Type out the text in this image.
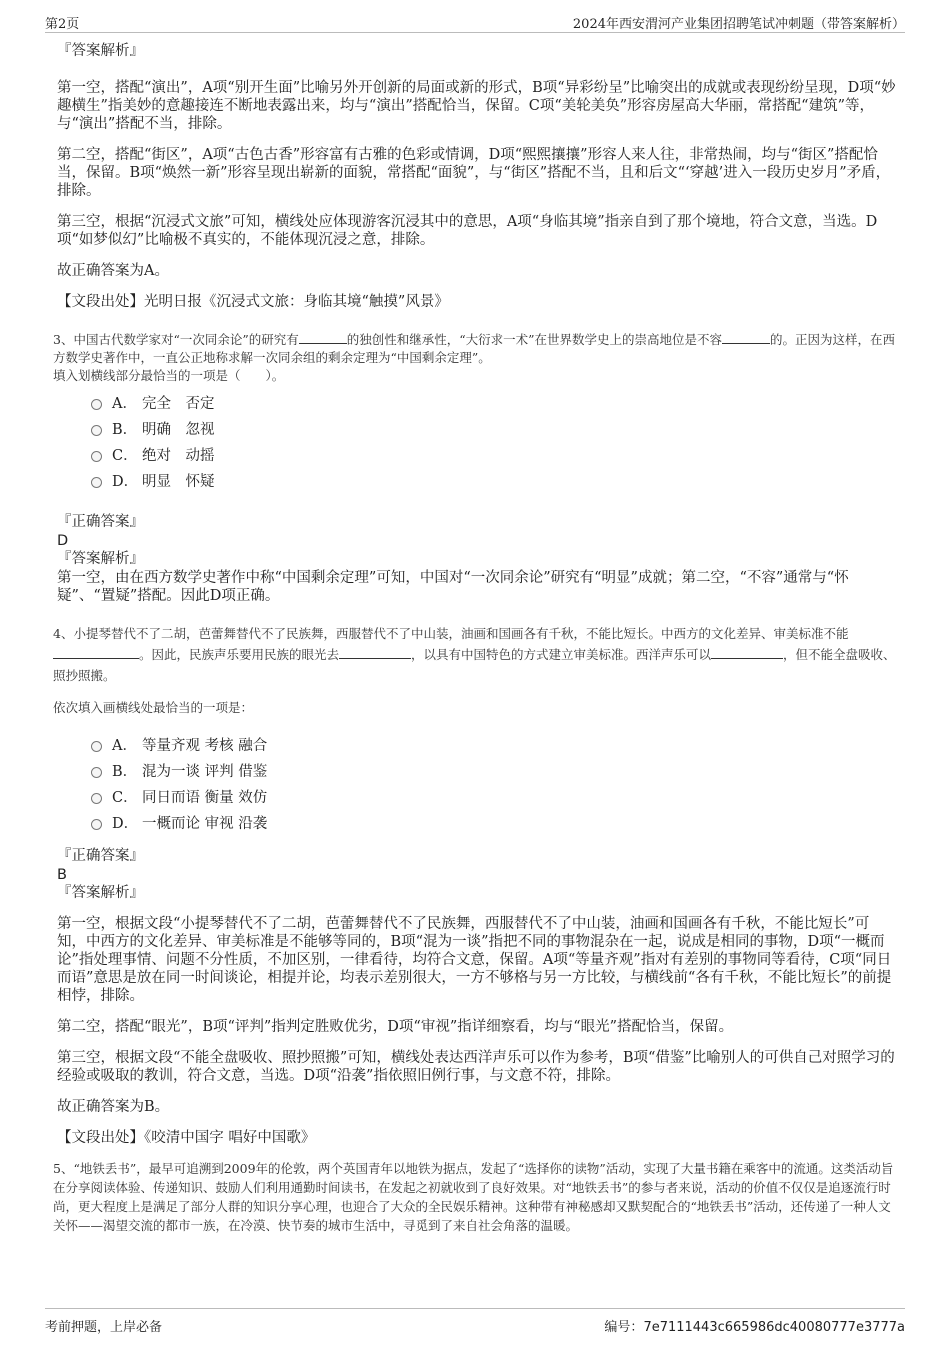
第2页	2024年西安渭河产业集团招聘笔试冲刺题（带答案解析）

『答案解析』

第一空，搭配“演出”，A项“别开生面”比喻另外开创新的局面或新的形式，B项“异彩纷呈”比喻突出的成就或表现纷纷呈现，D项“妙趣横生”指美妙的意趣接连不断地表露出来，均与“演出”搭配恰当，保留。C项“美轮美奂”形容房屋高大华丽，常搭配“建筑”等，与“演出”搭配不当，排除。

第二空，搭配“街区”，A项“古色古香”形容富有古雅的色彩或情调，D项“熙熙攘攘”形容人来人往，非常热闹，均与“街区”搭配恰当，保留。B项“焕然一新”形容呈现出崭新的面貌，常搭配“面貌”，与“街区”搭配不当，且和后文“‘穿越’进入一段历史岁月”矛盾，排除。

第三空，根据“沉浸式文旅”可知，横线处应体现游客沉浸其中的意思，A项“身临其境”指亲自到了那个境地，符合文意，当选。D项“如梦似幻”比喻极不真实的，不能体现沉浸之意，排除。

故正确答案为A。

【文段出处】光明日报《沉浸式文旅：身临其境“触摸”风景》

3、中国古代数学家对“一次同余论”的研究有	的独创性和继承性，“大衍求一术”在世界数学史上的崇高地位是不容	的。正因为这样，在西方数学史著作中，一直公正地称求解一次同余组的剩余定理为“中国剩余定理”。

填入划横线部分最恰当的一项是（　　）。

A． 完全　否定
B． 明确　忽视
C． 绝对　动摇
D． 明显　怀疑

『正确答案』

D

『答案解析』

第一空，由在西方数学史著作中称“中国剩余定理”可知，中国对“一次同余论”研究有“明显”成就；第二空，“不容”通常与“怀疑”、“置疑”搭配。因此D项正确。

4、小提琴替代不了二胡，芭蕾舞替代不了民族舞，西服替代不了中山装，油画和国画各有千秋，不能比短长。中西方的文化差异、审美标准不能。因此，民族声乐要用民族的眼光去	，以具有中国特色的方式建立审美标准。西洋声乐可以	，但不能全盘吸收、照抄照搬。

依次填入画横线处最恰当的一项是：

A． 等量齐观 考核 融合
B． 混为一谈 评判 借鉴
C． 同日而语 衡量 效仿
D． 一概而论 审视 沿袭

『正确答案』

B

『答案解析』

第一空，根据文段“小提琴替代不了二胡，芭蕾舞替代不了民族舞，西服替代不了中山装，油画和国画各有千秋，不能比短长”可知，中西方的文化差异、审美标准是不能够等同的，B项“混为一谈”指把不同的事物混杂在一起，说成是相同的事物，D项“一概而论”指处理事情、问题不分性质，不加区别，一律看待，均符合文意，保留。A项“等量齐观”指对有差别的事物同等看待，C项“同日而语”意思是放在同一时间谈论，相提并论，均表示差别很大，一方不够格与另一方比较，与横线前“各有千秋，不能比短长”的前提相悖，排除。

第二空，搭配“眼光”，B项“评判”指判定胜败优劣，D项“审视”指详细察看，均与“眼光”搭配恰当，保留。

第三空，根据文段“不能全盘吸收、照抄照搬”可知，横线处表达西洋声乐可以作为参考，B项“借鉴”比喻别人的可供自己对照学习的经验或吸取的教训，符合文意，当选。D项“沿袭”指依照旧例行事，与文意不符，排除。

故正确答案为B。

【文段出处】《咬清中国字 唱好中国歌》

5、“地铁丢书”，最早可追溯到2009年的伦敦，两个英国青年以地铁为据点，发起了“选择你的读物”活动，实现了大量书籍在乘客中的流通。这类活动旨在分享阅读体验、传递知识、鼓励人们利用通勤时间读书，在发起之初就收到了良好效果。对“地铁丢书”的参与者来说，活动的价值不仅仅是追逐流行时尚，更大程度上是满足了部分人群的知识分享心理，也迎合了大众的全民娱乐精神。这种带有神秘感却又默契配合的“地铁丢书”活动，还传递了一种人文关怀——渴望交流的都市一族，在冷漠、快节奏的城市生活中，寻觅到了来自社会角落的温暖。

考前押题，上岸必备	编号：7e7111443c665986dc40080777e3777a
